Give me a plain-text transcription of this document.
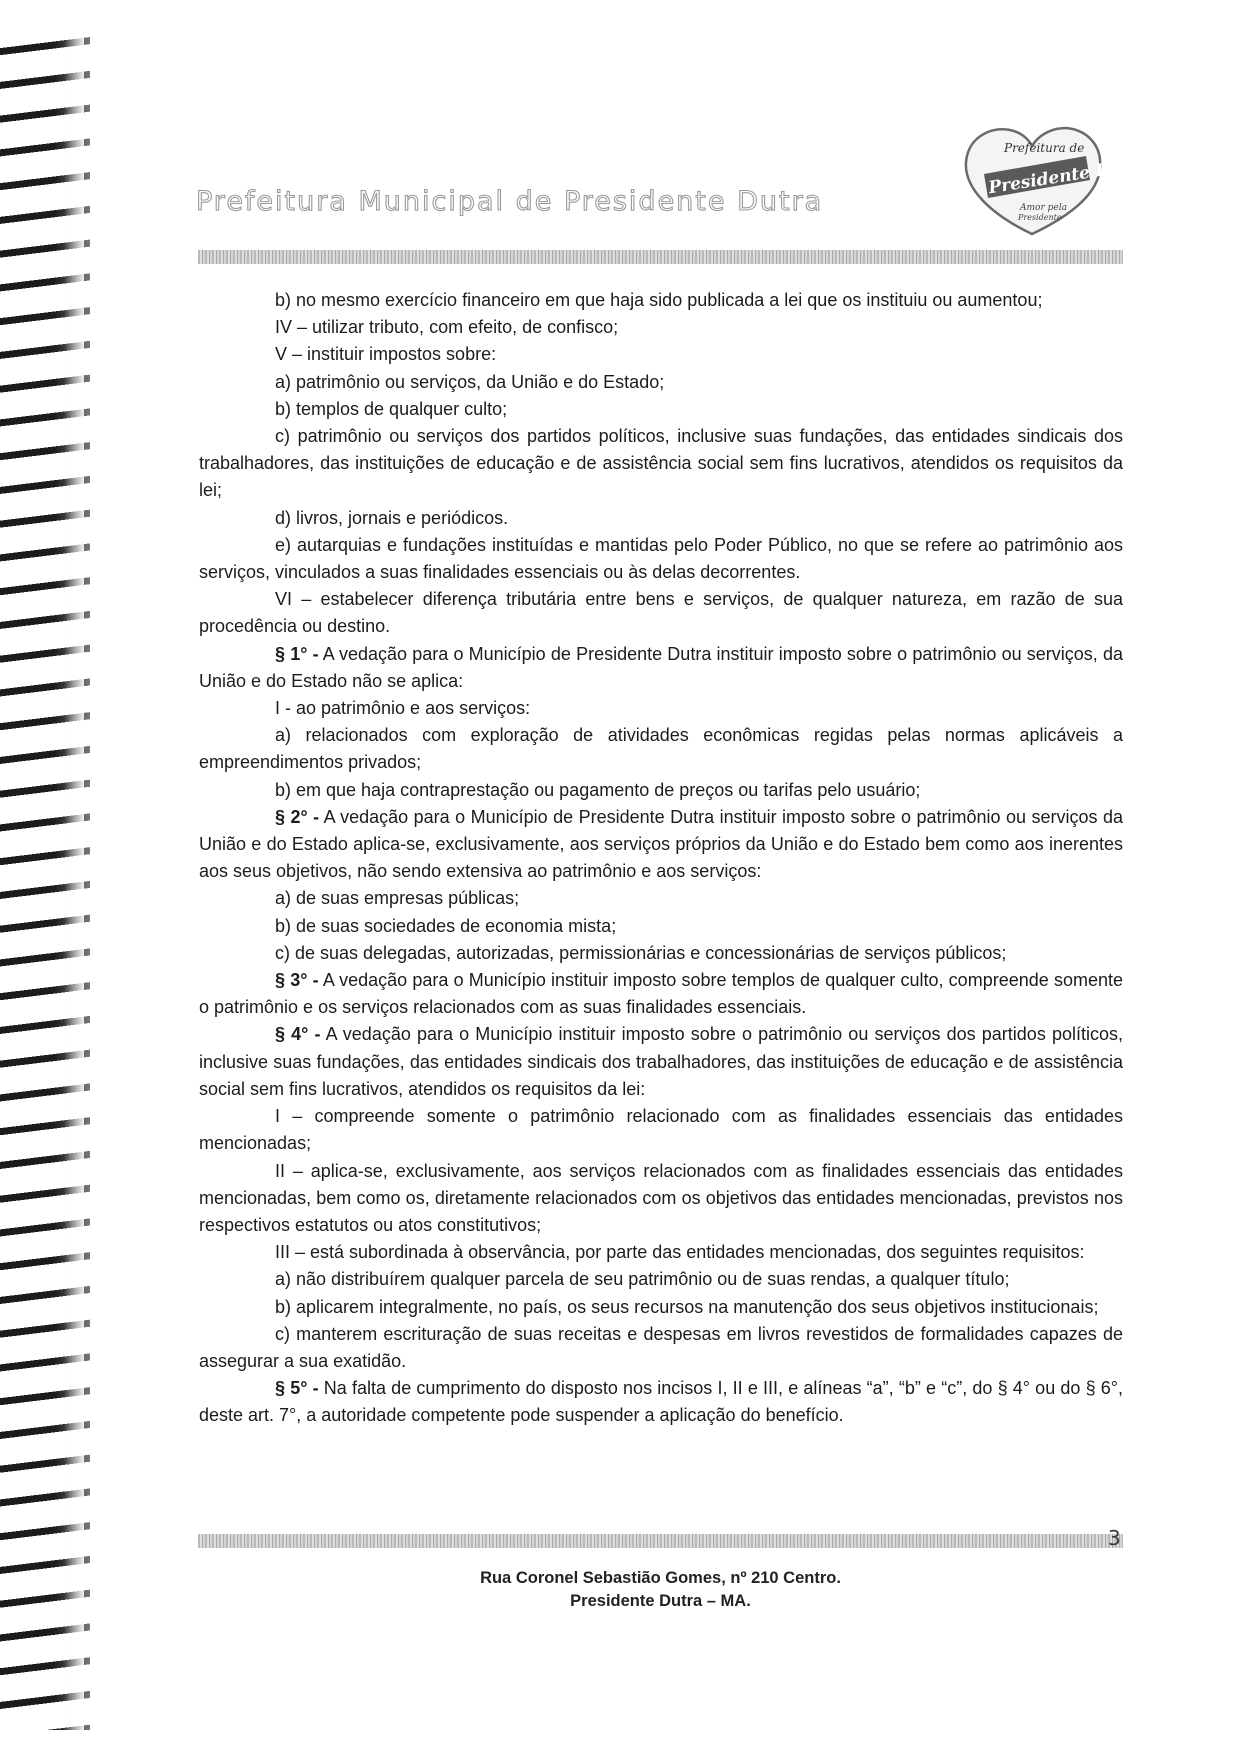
Prefeitura Municipal de Presidente Dutra
Prefeitura de
Presidente Dutra
Amor pela
Presidente

b) no mesmo exercício financeiro em que haja sido publicada a lei que os instituiu ou aumentou;

IV – utilizar tributo, com efeito, de confisco;

V – instituir impostos sobre:

a) patrimônio ou serviços, da União e do Estado;

b) templos de qualquer culto;

c) patrimônio ou serviços dos partidos políticos, inclusive suas fundações, das entidades sindicais dos trabalhadores, das instituições de educação e de assistência social sem fins lucrativos, atendidos os requisitos da lei;

d) livros, jornais e periódicos.

e) autarquias e fundações instituídas e mantidas pelo Poder Público, no que se refere ao patrimônio aos serviços, vinculados a suas finalidades essenciais ou às delas decorrentes.

VI – estabelecer diferença tributária entre bens e serviços, de qualquer natureza, em razão de sua procedência ou destino.

§ 1° - A vedação para o Município de Presidente Dutra instituir imposto sobre o patrimônio ou serviços, da União e do Estado não se aplica:

I - ao patrimônio e aos serviços:

a) relacionados com exploração de atividades econômicas regidas pelas normas aplicáveis a empreendimentos privados;

b) em que haja contraprestação ou pagamento de preços ou tarifas pelo usuário;

§ 2° - A vedação para o Município de Presidente Dutra instituir imposto sobre o patrimônio ou serviços da União e do Estado aplica-se, exclusivamente, aos serviços próprios da União e do Estado bem como aos inerentes aos seus objetivos, não sendo extensiva ao patrimônio e aos serviços:

a) de suas empresas públicas;

b) de suas sociedades de economia mista;

c) de suas delegadas, autorizadas, permissionárias e concessionárias de serviços públicos;

§ 3° - A vedação para o Município instituir imposto sobre templos de qualquer culto, compreende somente o patrimônio e os serviços relacionados com as suas finalidades essenciais.

§ 4° - A vedação para o Município instituir imposto sobre o patrimônio ou serviços dos partidos políticos, inclusive suas fundações, das entidades sindicais dos trabalhadores, das instituições de educação e de assistência social sem fins lucrativos, atendidos os requisitos da lei:

I – compreende somente o patrimônio relacionado com as finalidades essenciais das entidades mencionadas;

II – aplica-se, exclusivamente, aos serviços relacionados com as finalidades essenciais das entidades mencionadas, bem como os, diretamente relacionados com os objetivos das entidades mencionadas, previstos nos respectivos estatutos ou atos constitutivos;

III – está subordinada à observância, por parte das entidades mencionadas, dos seguintes requisitos:

a) não distribuírem qualquer parcela de seu patrimônio ou de suas rendas, a qualquer título;

b) aplicarem integralmente, no país, os seus recursos na manutenção dos seus objetivos institucionais;

c) manterem escrituração de suas receitas e despesas em livros revestidos de formalidades capazes de assegurar a sua exatidão.

§ 5° - Na falta de cumprimento do disposto nos incisos I, II e III, e alíneas “a”, “b” e “c”, do § 4° ou do § 6°, deste art. 7°, a autoridade competente pode suspender a aplicação do benefício.

3
Rua Coronel Sebastião Gomes, nº 210 Centro.
Presidente Dutra – MA.
